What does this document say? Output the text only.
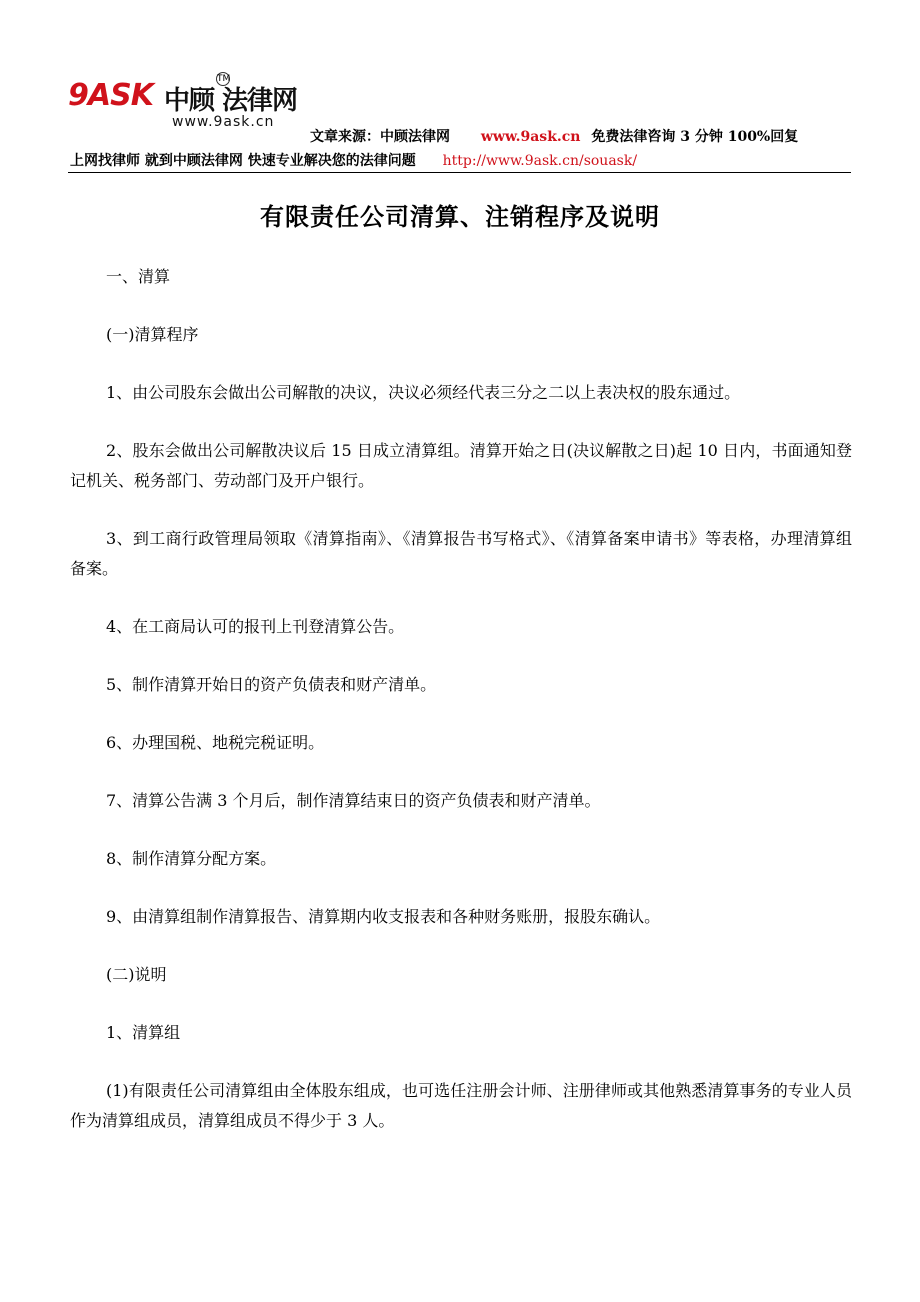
9ASK 中顾 法律网
TM
www.9ask.cn
文章来源：中顾法律网 www.9ask.cn 免费法律咨询 3 分钟 100%回复
上网找律师 就到中顾法律网 快速专业解决您的法律问题 http://www.9ask.cn/souask/
有限责任公司清算、注销程序及说明

一、清算

(一)清算程序

1、由公司股东会做出公司解散的决议，决议必须经代表三分之二以上表决权的股东通过。

2、股东会做出公司解散决议后 15 日成立清算组。清算开始之日(决议解散之日)起 10 日内，书面通知登记机关、税务部门、劳动部门及开户银行。

3、到工商行政管理局领取《清算指南》、《清算报告书写格式》、《清算备案申请书》等表格，办理清算组备案。

4、在工商局认可的报刊上刊登清算公告。

5、制作清算开始日的资产负债表和财产清单。

6、办理国税、地税完税证明。

7、清算公告满 3 个月后，制作清算结束日的资产负债表和财产清单。

8、制作清算分配方案。

9、由清算组制作清算报告、清算期内收支报表和各种财务账册，报股东确认。

(二)说明

1、清算组

(1)有限责任公司清算组由全体股东组成，也可选任注册会计师、注册律师或其他熟悉清算事务的专业人员作为清算组成员，清算组成员不得少于 3 人。
